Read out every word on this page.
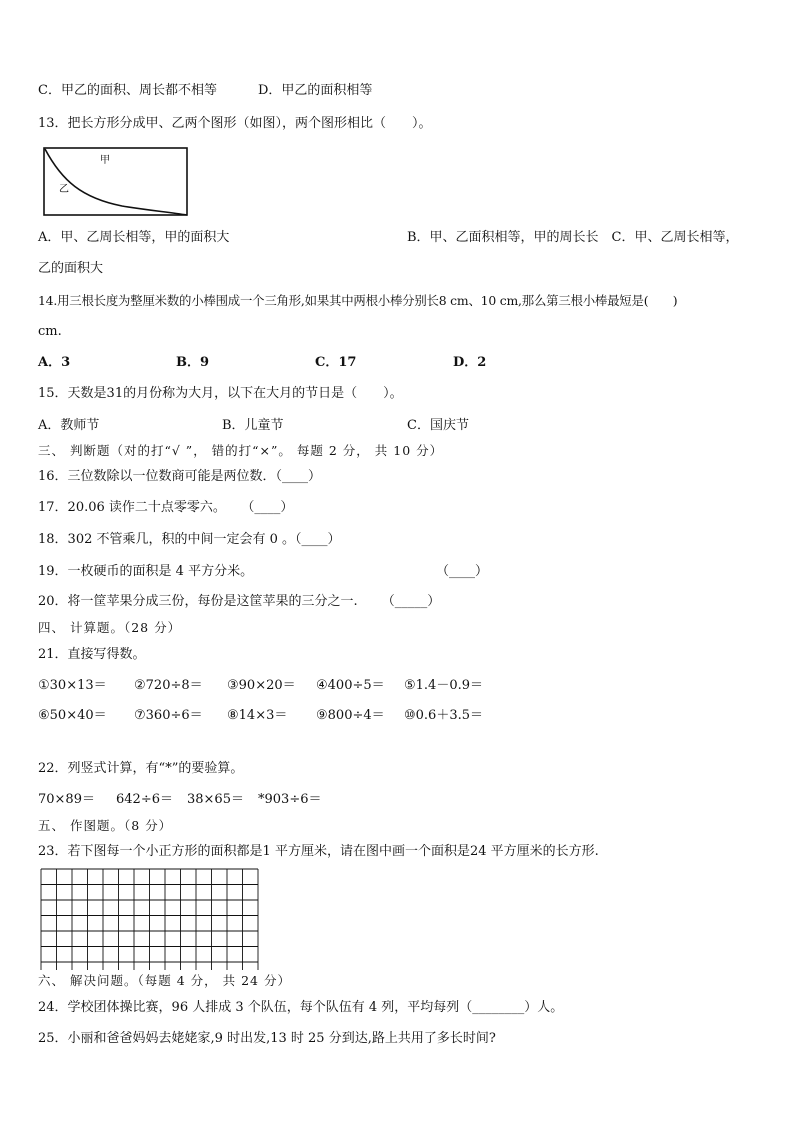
C．甲乙的面积、周长都不相等	D．甲乙的面积相等
13．把长方形分成甲、乙两个图形（如图），两个图形相比（　　）。
甲
乙
A．甲、乙周长相等，甲的面积大	B．甲、乙面积相等，甲的周长长　C．甲、乙周长相等，
乙的面积大
14.用三根长度为整厘米数的小棒围成一个三角形,如果其中两根小棒分别长8 cm、10 cm,那么第三根小棒最短是(　　)
cm.
A．3	B．9	C．17	D．2
15．天数是31的月份称为大月，以下在大月的节日是（　　）。
A．教师节	B．儿童节	C．国庆节
三、 判断题（对的打“√ ”， 错的打“×”。 每题 2 分， 共 10 分）
16．三位数除以一位数商可能是两位数．（____）
17．20.06 读作二十点零零六。 （____）
18．302 不管乘几，积的中间一定会有 0 。（____）
19．一枚硬币的面积是 4 平方分米。	（____）
20．将一筐苹果分成三份，每份是这筐苹果的三分之一. （_____）
四、 计算题。（28 分）
21．直接写得数。
①30×13＝ ②720÷8＝ ③90×20＝ ④400÷5＝ ⑤1.4－0.9＝
⑥50×40＝ ⑦360÷6＝ ⑧14×3＝ ⑨800÷4＝ ⑩0.6＋3.5＝
22．列竖式计算，有“*”的要验算。
70×89＝ 642÷6＝ 38×65＝ *903÷6＝
五、 作图题。（8 分）
23．若下图每一个小正方形的面积都是1 平方厘米，请在图中画一个面积是24 平方厘米的长方形.
六、 解决问题。（每题 4 分， 共 24 分）
24．学校团体操比赛，96 人排成 3 个队伍，每个队伍有 4 列，平均每列（________）人。
25．小丽和爸爸妈妈去姥姥家,9 时出发,13 时 25 分到达,路上共用了多长时间?
